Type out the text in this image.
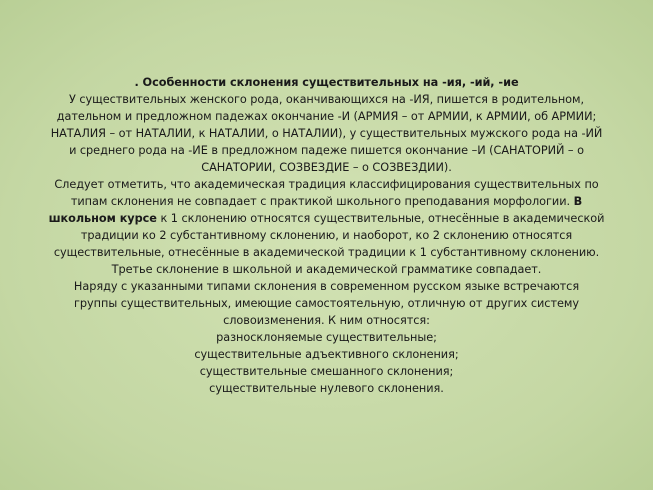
. Особенности склонения существительных на -ия, -ий, -ие
У существительных женского рода, оканчивающихся на -ИЯ, пишется в родительном,
дательном и предложном падежах окончание -И (АРМИЯ – от АРМИИ, к АРМИИ, об АРМИИ;
НАТАЛИЯ – от НАТАЛИИ, к НАТАЛИИ, о НАТАЛИИ), у существительных мужского рода на -ИЙ
и среднего рода на -ИЕ в предложном падеже пишется окончание –И (САНАТОРИЙ – о
САНАТОРИИ, СОЗВЕЗДИЕ – о СОЗВЕЗДИИ).
Следует отметить, что академическая традиция классифицирования существительных по
типам склонения не совпадает с практикой школьного преподавания морфологии. В
школьном курсе к 1 склонению относятся существительные, отнесённые в академической
традиции ко 2 субстантивному склонению, и наоборот, ко 2 склонению относятся
существительные, отнесённые в академической традиции к 1 субстантивному склонению.
Третье склонение в школьной и академической грамматике совпадает.
Наряду с указанными типами склонения в современном русском языке встречаются
группы существительных, имеющие самостоятельную, отличную от других систему
словоизменения. К ним относятся:
разносклоняемые существительные;
существительные адъективного склонения;
существительные смешанного склонения;
существительные нулевого склонения.
